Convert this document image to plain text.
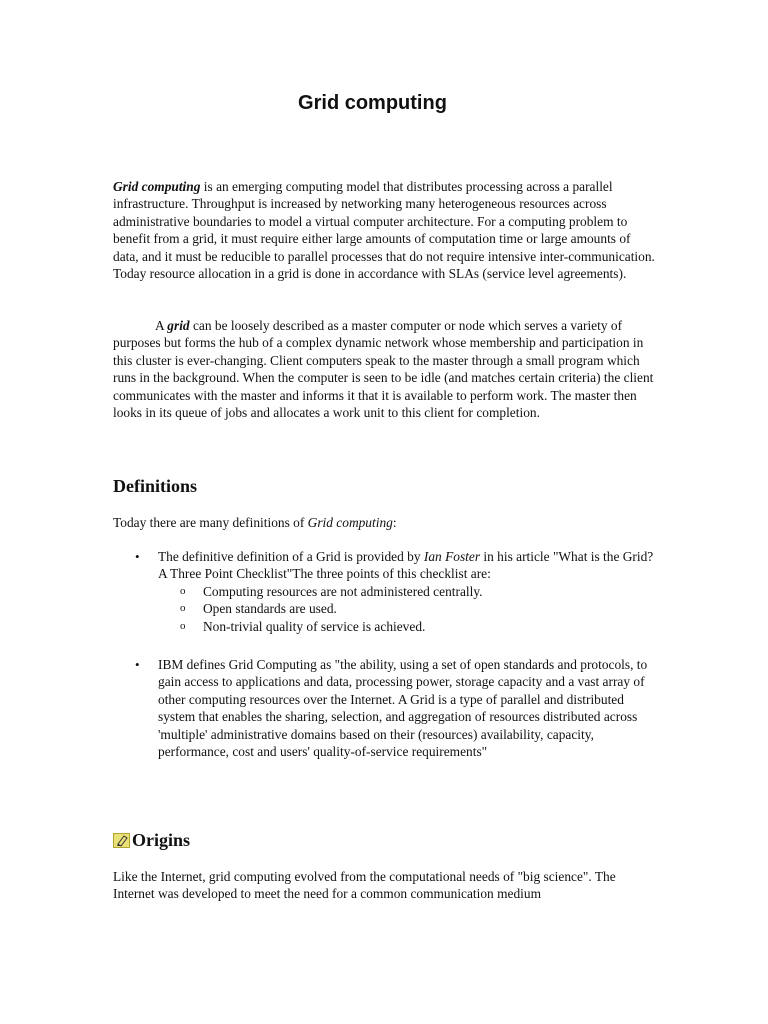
Grid computing

Grid computing is an emerging computing model that distributes processing across a parallel infrastructure. Throughput is increased by networking many heterogeneous resources across administrative boundaries to model a virtual computer architecture. For a computing problem to benefit from a grid, it must require either large amounts of computation time or large amounts of data, and it must be reducible to parallel processes that do not require intensive inter-communication. Today resource allocation in a grid is done in accordance with SLAs (service level agreements).

A grid can be loosely described as a master computer or node which serves a variety of purposes but forms the hub of a complex dynamic network whose membership and participation in this cluster is ever-changing. Client computers speak to the master through a small program which runs in the background. When the computer is seen to be idle (and matches certain criteria) the client communicates with the master and informs it that it is available to perform work. The master then looks in its queue of jobs and allocates a work unit to this client for completion.

Definitions

Today there are many definitions of Grid computing:

• The definitive definition of a Grid is provided by Ian Foster in his article "What is the Grid? A Three Point Checklist"The three points of this checklist are:
o Computing resources are not administered centrally.
o Open standards are used.
o Non-trivial quality of service is achieved.
• IBM defines Grid Computing as "the ability, using a set of open standards and protocols, to gain access to applications and data, processing power, storage capacity and a vast array of other computing resources over the Internet. A Grid is a type of parallel and distributed system that enables the sharing, selection, and aggregation of resources distributed across 'multiple' administrative domains based on their (resources) availability, capacity, performance, cost and users' quality-of-service requirements"
Origins

Like the Internet, grid computing evolved from the computational needs of "big science". The Internet was developed to meet the need for a common communication medium
